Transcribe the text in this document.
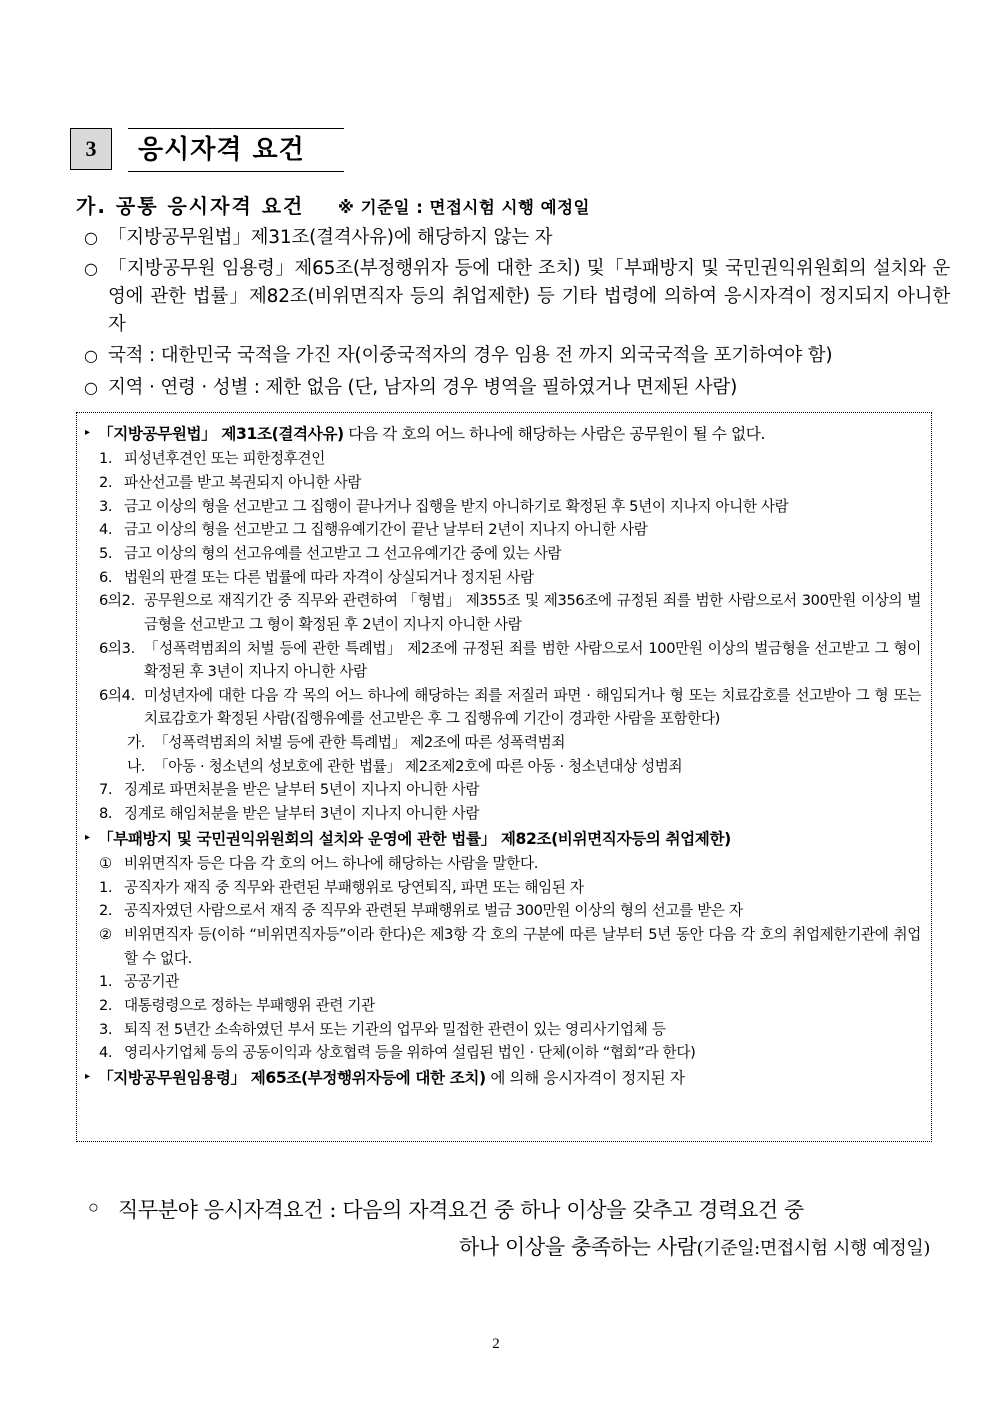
3	응시자격 요건
가. 공통 응시자격 요건 ※ 기준일 : 면접시험 시행 예정일
○ 「지방공무원법」제31조(결격사유)에 해당하지 않는 자
○ 「지방공무원 임용령」제65조(부정행위자 등에 대한 조치) 및「부패방지 및 국민권익위원회의 설치와 운영에 관한 법률」제82조(비위면직자 등의 취업제한) 등 기타 법령에 의하여 응시자격이 정지되지 아니한 자
○ 국적 : 대한민국 국적을 가진 자(이중국적자의 경우 임용 전 까지 외국국적을 포기하여야 함)
○ 지역 · 연령 · 성별 : 제한 없음 (단, 남자의 경우 병역을 필하였거나 면제된 사람)
▸ 「지방공무원법」 제31조(결격사유) 다음 각 호의 어느 하나에 해당하는 사람은 공무원이 될 수 없다.
1. 피성년후견인 또는 피한정후견인
2. 파산선고를 받고 복권되지 아니한 사람
3. 금고 이상의 형을 선고받고 그 집행이 끝나거나 집행을 받지 아니하기로 확정된 후 5년이 지나지 아니한 사람
4. 금고 이상의 형을 선고받고 그 집행유예기간이 끝난 날부터 2년이 지나지 아니한 사람
5. 금고 이상의 형의 선고유예를 선고받고 그 선고유예기간 중에 있는 사람
6. 법원의 판결 또는 다른 법률에 따라 자격이 상실되거나 정지된 사람
6의2. 공무원으로 재직기간 중 직무와 관련하여 「형법」 제355조 및 제356조에 규정된 죄를 범한 사람으로서 300만원 이상의 벌금형을 선고받고 그 형이 확정된 후 2년이 지나지 아니한 사람
6의3. 「성폭력범죄의 처벌 등에 관한 특례법」 제2조에 규정된 죄를 범한 사람으로서 100만원 이상의 벌금형을 선고받고 그 형이 확정된 후 3년이 지나지 아니한 사람
6의4. 미성년자에 대한 다음 각 목의 어느 하나에 해당하는 죄를 저질러 파면 · 해임되거나 형 또는 치료감호를 선고받아 그 형 또는 치료감호가 확정된 사람(집행유예를 선고받은 후 그 집행유예 기간이 경과한 사람을 포함한다)
가. 「성폭력범죄의 처벌 등에 관한 특례법」 제2조에 따른 성폭력범죄
나. 「아동 · 청소년의 성보호에 관한 법률」 제2조제2호에 따른 아동 · 청소년대상 성범죄
7. 징계로 파면처분을 받은 날부터 5년이 지나지 아니한 사람
8. 징계로 해임처분을 받은 날부터 3년이 지나지 아니한 사람
▸ 「부패방지 및 국민권익위원회의 설치와 운영에 관한 법률」 제82조(비위면직자등의 취업제한)
① 비위면직자 등은 다음 각 호의 어느 하나에 해당하는 사람을 말한다.
1. 공직자가 재직 중 직무와 관련된 부패행위로 당연퇴직, 파면 또는 해임된 자
2. 공직자였던 사람으로서 재직 중 직무와 관련된 부패행위로 벌금 300만원 이상의 형의 선고를 받은 자
② 비위면직자 등(이하 “비위면직자등”이라 한다)은 제3항 각 호의 구분에 따른 날부터 5년 동안 다음 각 호의 취업제한기관에 취업할 수 없다.
1. 공공기관
2. 대통령령으로 정하는 부패행위 관련 기관
3. 퇴직 전 5년간 소속하였던 부서 또는 기관의 업무와 밀접한 관련이 있는 영리사기업체 등
4. 영리사기업체 등의 공동이익과 상호협력 등을 위하여 설립된 법인 · 단체(이하 “협회”라 한다)
▸ 「지방공무원임용령」 제65조(부정행위자등에 대한 조치) 에 의해 응시자격이 정지된 자
○ 직무분야 응시자격요건 : 다음의 자격요건 중 하나 이상을 갖추고 경력요건 중
하나 이상을 충족하는 사람(기준일:면접시험 시행 예정일)
2
